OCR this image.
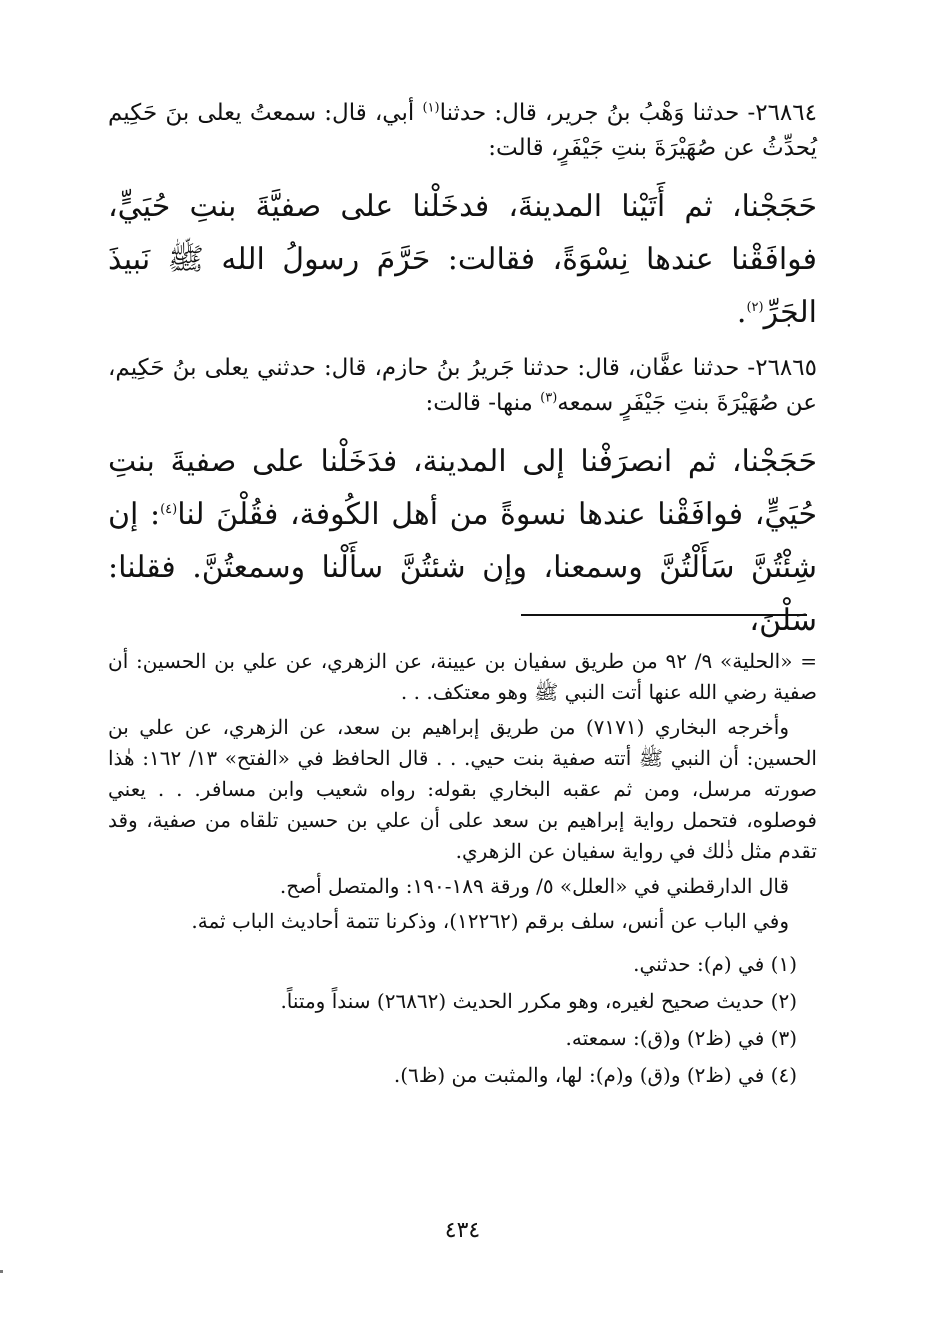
٢٦٨٦٤- حدثنا وَهْبُ بنُ جرير، قال: حدثنا$^{(١)}$ أبي، قال: سمعتُ يعلى بنَ حَكِيم يُحدِّثُ عن صُهَيْرَةَ بنتِ جَيْفَرٍ، قالت:

حَجَجْنا، ثم أَتَيْنا المدينةَ، فدخَلْنا على صفيَّةَ بنتِ حُيَيٍّ، فوافَقْنا عندها نِسْوَةً، فقالت: حَرَّمَ رسولُ الله ﷺ نَبيذَ الجَرِّ$^{(٢)}$.

٢٦٨٦٥- حدثنا عفَّان، قال: حدثنا جَريرُ بنُ حازم، قال: حدثني يعلى بنُ حَكِيم، عن صُهَيْرَةَ بنتِ جَيْفَرٍ سمعه$^{(٣)}$ منها- قالت:

حَجَجْنا، ثم انصرَفْنا إلى المدينة، فدَخَلْنا على صفيةَ بنتِ حُيَيٍّ، فوافَقْنا عندها نسوةً من أهل الكُوفة، فقُلْنَ لنا$^{(٤)}$: إن شِئْتُنَّ سَأَلْتُنَّ وسمعنا، وإن شئتُنَّ سأَلْنا وسمعتُنَّ. فقلنا: سَلْنَ،

= «الحلية» ٩/ ٩٢ من طريق سفيان بن عيينة، عن الزهري، عن علي بن الحسين: أن صفية رضي الله عنها أتت النبي ﷺ وهو معتكف. . .

وأخرجه البخاري (٧١٧١) من طريق إبراهيم بن سعد، عن الزهري، عن علي بن الحسين: أن النبي ﷺ أتته صفية بنت حيي. . . قال الحافظ في «الفتح» ١٣/ ١٦٢: هٰذا صورته مرسل، ومن ثم عقبه البخاري بقوله: رواه شعيب وابن مسافر. . . يعني فوصلوه، فتحمل رواية إبراهيم بن سعد على أن علي بن حسين تلقاه من صفية، وقد تقدم مثل ذٰلك في رواية سفيان عن الزهري.

قال الدارقطني في «العلل» ٥/ ورقة ١٨٩-١٩٠: والمتصل أصح.

وفي الباب عن أنس، سلف برقم (١٢٢٦٢)، وذكرنا تتمة أحاديث الباب ثمة.

(١) في (م): حدثني.

(٢) حديث صحيح لغيره، وهو مكرر الحديث (٢٦٨٦٢) سنداً ومتناً.

(٣) في (ظ٢) و(ق): سمعته.

(٤) في (ظ٢) و(ق) و(م): لها، والمثبت من (ظ٦).

٤٣٤
